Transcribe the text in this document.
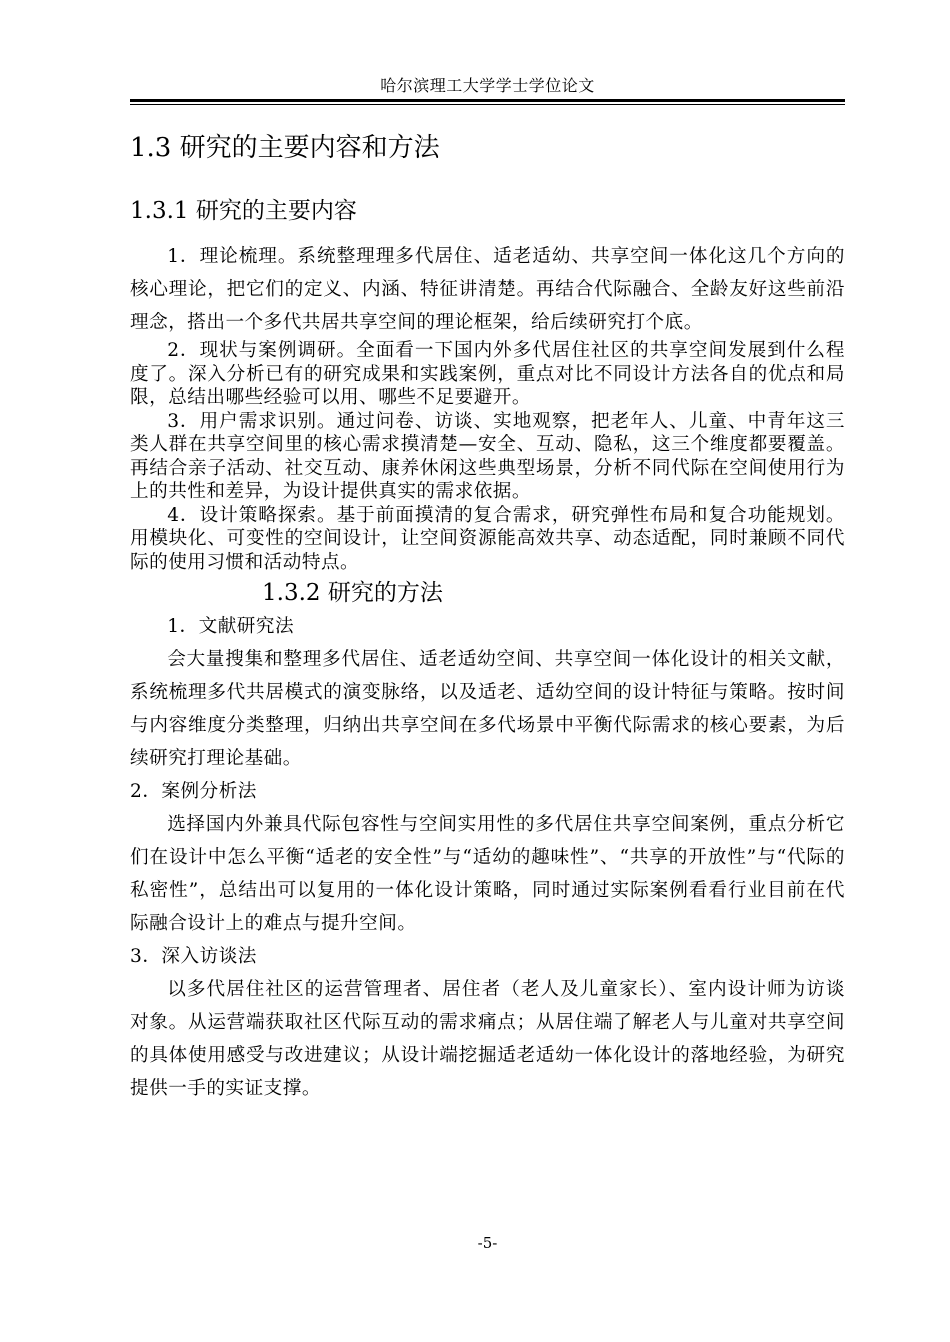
哈尔滨理工大学学士学位论文
1.3 研究的主要内容和方法
1.3.1 研究的主要内容

1．理论梳理。系统整理理多代居住、适老适幼、共享空间一体化这几个方向的核心理论，把它们的定义、内涵、特征讲清楚。再结合代际融合、全龄友好这些前沿理念，搭出一个多代共居共享空间的理论框架，给后续研究打个底。

2．现状与案例调研。全面看一下国内外多代居住社区的共享空间发展到什么程度了。深入分析已有的研究成果和实践案例，重点对比不同设计方法各自的优点和局限，总结出哪些经验可以用、哪些不足要避开。

3．用户需求识别。通过问卷、访谈、实地观察，把老年人、儿童、中青年这三类人群在共享空间里的核心需求摸清楚—安全、互动、隐私，这三个维度都要覆盖。再结合亲子活动、社交互动、康养休闲这些典型场景，分析不同代际在空间使用行为上的共性和差异，为设计提供真实的需求依据。

4．设计策略探索。基于前面摸清的复合需求，研究弹性布局和复合功能规划。用模块化、可变性的空间设计，让空间资源能高效共享、动态适配，同时兼顾不同代际的使用习惯和活动特点。

1.3.2 研究的方法

1．文献研究法

会大量搜集和整理多代居住、适老适幼空间、共享空间一体化设计的相关文献，系统梳理多代共居模式的演变脉络，以及适老、适幼空间的设计特征与策略。按时间与内容维度分类整理，归纳出共享空间在多代场景中平衡代际需求的核心要素，为后续研究打理论基础。

2．案例分析法

选择国内外兼具代际包容性与空间实用性的多代居住共享空间案例，重点分析它们在设计中怎么平衡“适老的安全性”与“适幼的趣味性”、“共享的开放性”与“代际的私密性”，总结出可以复用的一体化设计策略，同时通过实际案例看看行业目前在代际融合设计上的难点与提升空间。

3．深入访谈法

以多代居住社区的运营管理者、居住者（老人及儿童家长）、室内设计师为访谈对象。从运营端获取社区代际互动的需求痛点；从居住端了解老人与儿童对共享空间的具体使用感受与改进建议；从设计端挖掘适老适幼一体化设计的落地经验，为研究提供一手的实证支撑。

-5-
